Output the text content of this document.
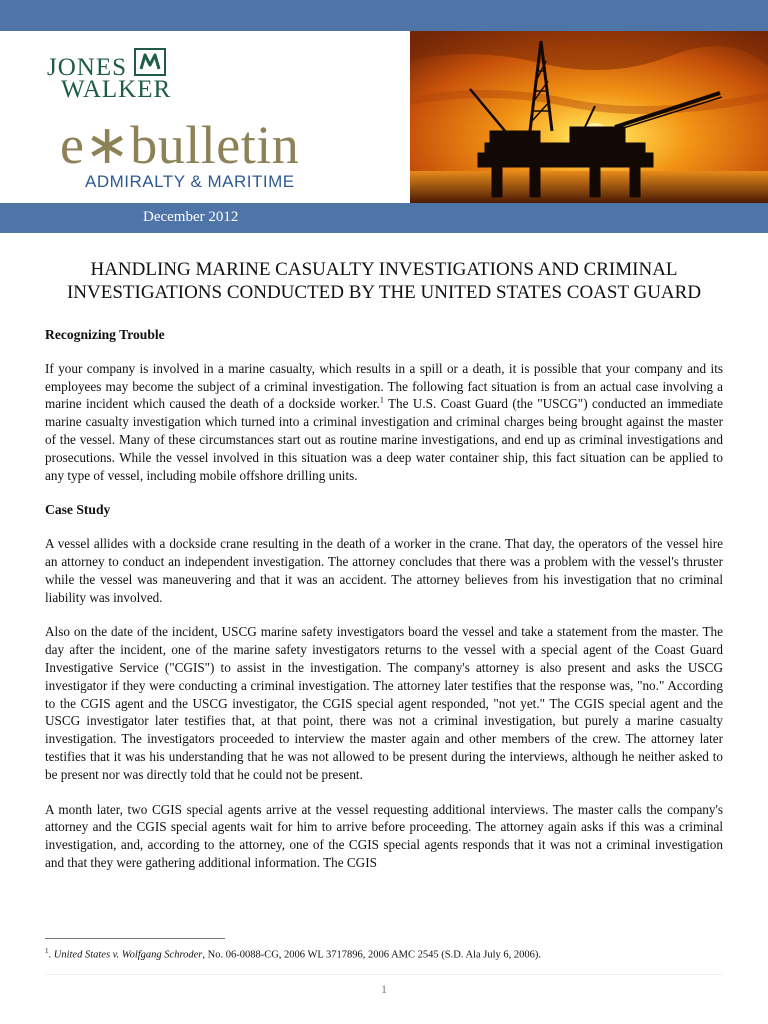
JONES
WALKER
e∗bulletin
ADMIRALTY & MARITIME
December 2012
HANDLING MARINE CASUALTY INVESTIGATIONS AND CRIMINAL
INVESTIGATIONS CONDUCTED BY THE UNITED STATES COAST GUARD
Recognizing Trouble

If your company is involved in a marine casualty, which results in a spill or a death, it is possible that your company and its employees may become the subject of a criminal investigation. The following fact situation is from an actual case involving a marine incident which caused the death of a dockside worker.$^1$ The U.S. Coast Guard (the "USCG") conducted an immediate marine casualty investigation which turned into a criminal investigation and criminal charges being brought against the master of the vessel. Many of these circumstances start out as routine marine investigations, and end up as criminal investigations and prosecutions. While the vessel involved in this situation was a deep water container ship, this fact situation can be applied to any type of vessel, including mobile offshore drilling units.

Case Study

A vessel allides with a dockside crane resulting in the death of a worker in the crane. That day, the operators of the vessel hire an attorney to conduct an independent investigation. The attorney concludes that there was a problem with the vessel's thruster while the vessel was maneuvering and that it was an accident. The attorney believes from his investigation that no criminal liability was involved.

Also on the date of the incident, USCG marine safety investigators board the vessel and take a statement from the master. The day after the incident, one of the marine safety investigators returns to the vessel with a special agent of the Coast Guard Investigative Service ("CGIS") to assist in the investigation. The company's attorney is also present and asks the USCG investigator if they were conducting a criminal investigation. The attorney later testifies that the response was, "no." According to the CGIS agent and the USCG investigator, the CGIS special agent responded, "not yet." The CGIS special agent and the USCG investigator later testifies that, at that point, there was not a criminal investigation, but purely a marine casualty investigation. The investigators proceeded to interview the master again and other members of the crew. The attorney later testifies that it was his understanding that he was not allowed to be present during the interviews, although he neither asked to be present nor was directly told that he could not be present.

A month later, two CGIS special agents arrive at the vessel requesting additional interviews. The master calls the company's attorney and the CGIS special agents wait for him to arrive before proceeding. The attorney again asks if this was a criminal investigation, and, according to the attorney, one of the CGIS special agents responds that it was not a criminal investigation and that they were gathering additional information. The CGIS

$^1$. United States v. Wolfgang Schroder, No. 06-0088-CG, 2006 WL 3717896, 2006 AMC 2545 (S.D. Ala July 6, 2006).
1
